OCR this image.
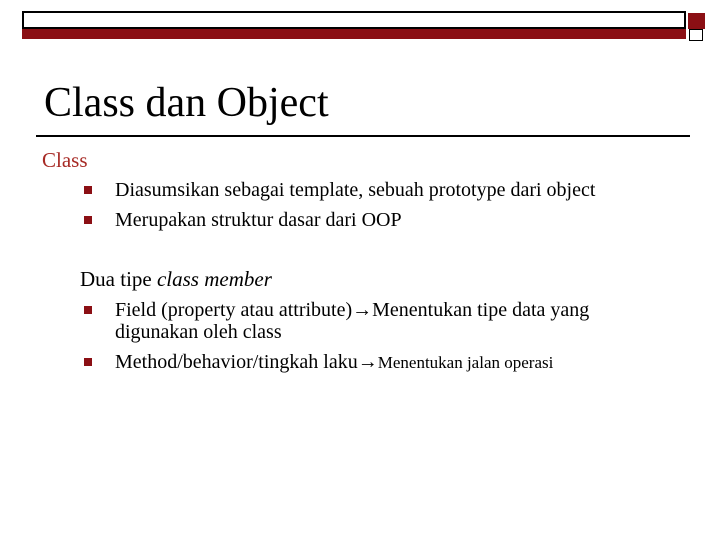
Class dan Object
Class
Diasumsikan sebagai template, sebuah prototype dari object
Merupakan struktur dasar dari OOP
Dua tipe class member
Field (property atau attribute)→Menentukan tipe data yang
digunakan oleh class
Method/behavior/tingkah laku→Menentukan jalan operasi
